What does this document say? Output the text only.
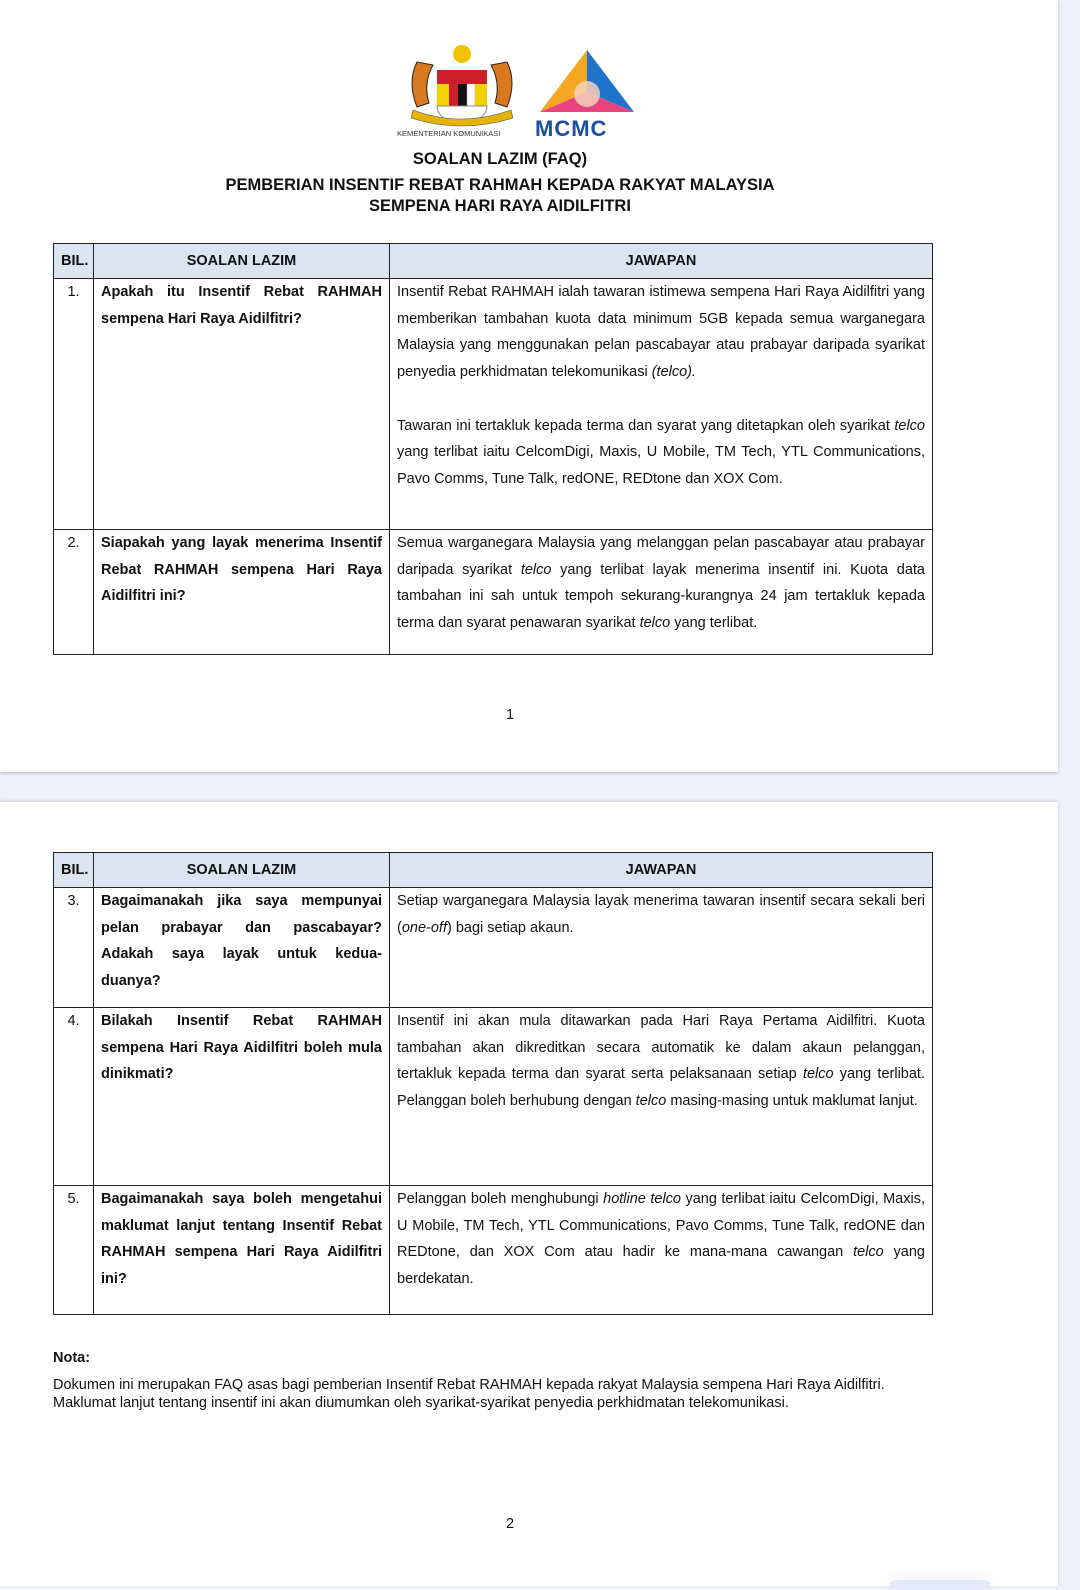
KEMENTERIAN KOMUNIKASI MCMC
SOALAN LAZIM (FAQ)
PEMBERIAN INSENTIF REBAT RAHMAH KEPADA RAKYAT MALAYSIA
SEMPENA HARI RAYA AIDILFITRI
BIL.	SOALAN LAZIM	JAWAPAN
1.	Apakah itu Insentif Rebat RAHMAH sempena Hari Raya Aidilfitri?	Insentif Rebat RAHMAH ialah tawaran istimewa sempena Hari Raya Aidilfitri yang memberikan tambahan kuota data minimum 5GB kepada semua warganegara Malaysia yang menggunakan pelan pascabayar atau prabayar daripada syarikat penyedia perkhidmatan telekomunikasi (telco).

Tawaran ini tertakluk kepada terma dan syarat yang ditetapkan oleh syarikat telco yang terlibat iaitu CelcomDigi, Maxis, U Mobile, TM Tech, YTL Communications, Pavo Comms, Tune Talk, redONE, REDtone dan XOX Com.

2.	Siapakah yang layak menerima Insentif Rebat RAHMAH sempena Hari Raya Aidilfitri ini?	Semua warganegara Malaysia yang melanggan pelan pascabayar atau prabayar daripada syarikat telco yang terlibat layak menerima insentif ini. Kuota data tambahan ini sah untuk tempoh sekurang-kurangnya 24 jam tertakluk kepada terma dan syarat penawaran syarikat telco yang terlibat.

1
BIL.	SOALAN LAZIM	JAWAPAN
3.	Bagaimanakah jika saya mempunyai pelan prabayar dan pascabayar? Adakah saya layak untuk kedua-duanya?	Setiap warganegara Malaysia layak menerima tawaran insentif secara sekali beri (one-off) bagi setiap akaun.

4.	Bilakah Insentif Rebat RAHMAH sempena Hari Raya Aidilfitri boleh mula dinikmati?	Insentif ini akan mula ditawarkan pada Hari Raya Pertama Aidilfitri. Kuota tambahan akan dikreditkan secara automatik ke dalam akaun pelanggan, tertakluk kepada terma dan syarat serta pelaksanaan setiap telco yang terlibat. Pelanggan boleh berhubung dengan telco masing-masing untuk maklumat lanjut.

5.	Bagaimanakah saya boleh mengetahui maklumat lanjut tentang Insentif Rebat RAHMAH sempena Hari Raya Aidilfitri ini?	Pelanggan boleh menghubungi hotline telco yang terlibat iaitu CelcomDigi, Maxis, U Mobile, TM Tech, YTL Communications, Pavo Comms, Tune Talk, redONE dan REDtone, dan XOX Com atau hadir ke mana-mana cawangan telco yang berdekatan.

Nota:
Dokumen ini merupakan FAQ asas bagi pemberian Insentif Rebat RAHMAH kepada rakyat Malaysia sempena Hari Raya Aidilfitri.
Maklumat lanjut tentang insentif ini akan diumumkan oleh syarikat-syarikat penyedia perkhidmatan telekomunikasi.
2
